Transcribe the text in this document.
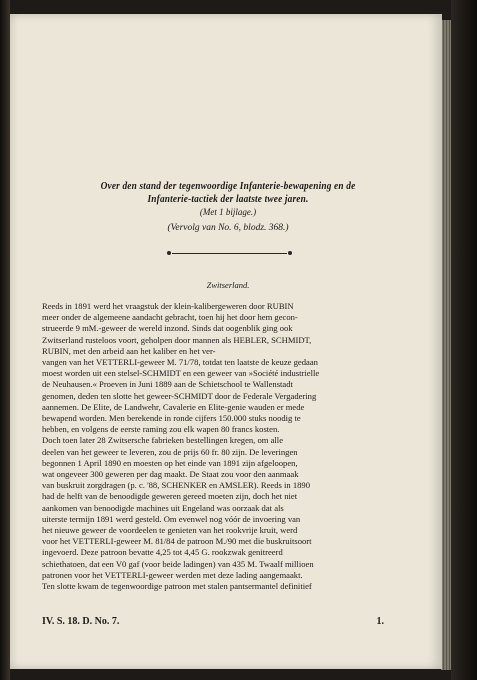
Over den stand der tegenwoordige Infanterie-bewapening en de
Infanterie-tactiek der laatste twee jaren.
(Met 1 bijlage.)
(Vervolg van No. 6, blodz. 368.)
Zwitserland.
Reeds in 1891 werd het vraagstuk der klein-kalibergeweren door RUBIN
meer onder de algemeene aandacht gebracht, toen hij het door hem gecon-
strueerde 9 mM.-geweer de wereld inzond. Sinds dat oogenblik ging ook
Zwitserland rusteloos voort, geholpen door mannen als HEBLER, SCHMIDT,
RUBIN, met den arbeid aan het kaliber en het ver-
vangen van het VETTERLI-geweer M. 71/78, totdat ten laatste de keuze gedaan
moest worden uit een stelsel-SCHMIDT en een geweer van »Société industrielle
de Neuhausen.« Proeven in Juni 1889 aan de Schietschool te Wallenstadt
genomen, deden ten slotte het geweer-SCHMIDT door de Federale Vergadering
aannemen. De Elite, de Landwehr, Cavalerie en Elite-genie wauden er mede
bewapend worden. Men berekende in ronde cijfers 150.000 stuks noodig te
hebben, en volgens de eerste raming zou elk wapen 80 francs kosten.
Doch toen later 28 Zwitsersche fabrieken bestellingen kregen, om alle
deelen van het geweer te leveren, zou de prijs 60 fr. 80 zijn. De leveringen
begonnen 1 April 1890 en moesten op het einde van 1891 zijn afgeloopen,
wat ongeveer 300 geweren per dag maakt. De Staat zou voor den aanmaak
van buskruit zorgdragen (p. c. '88, SCHENKER en AMSLER). Reeds in 1890
had de helft van de benoodigde geweren gereed moeten zijn, doch het niet
aankomen van benoodigde machines uit Engeland was oorzaak dat als
uiterste termijn 1891 werd gesteld. Om evenwel nog vóór de invoering van
het nieuwe geweer de voordeelen te genieten van het rookvrije kruit, werd
voor het VETTERLI-geweer M. 81/84 de patroon M./90 met die buskruitsoort
ingevoerd. Deze patroon bevatte 4,25 tot 4,45 G. rookzwak genitreerd
schiethatoen, dat een V0 gaf (voor beide ladingen) van 435 M. Twaalf millioen
patronen voor het VETTERLI-geweer werden met deze lading aangemaakt.
Ten slotte kwam de tegenwoordige patroon met stalen pantsermantel definitief
IV. S. 18. D. No. 7.	1.
